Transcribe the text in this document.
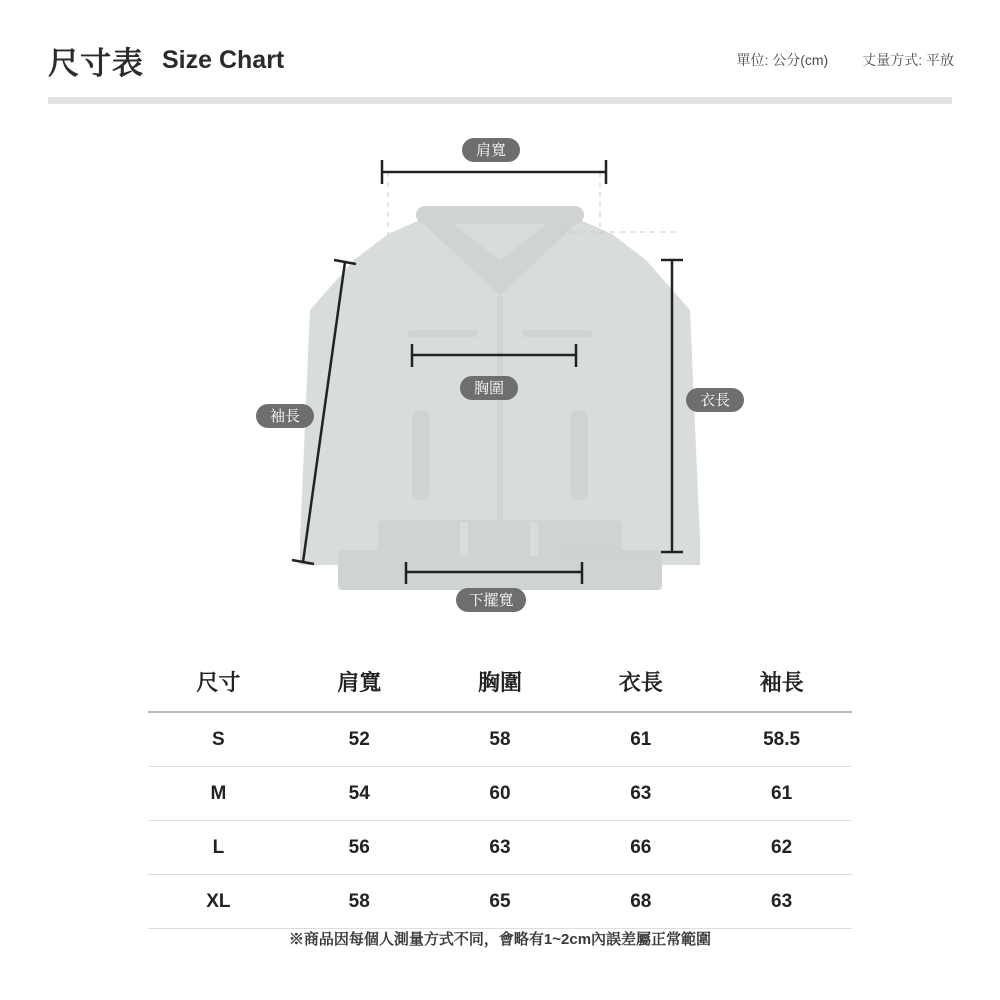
尺寸表 Size Chart	單位: 公分(cm) 丈量方式: 平放
肩寬
胸圍
衣長
袖長
下擺寬
尺寸	肩寬	胸圍	衣長	袖長
S	52	58	61	58.5
M	54	60	63	61
L	56	63	66	62
XL	58	65	68	63
※商品因每個人測量方式不同，會略有1~2cm內誤差屬正常範圍
